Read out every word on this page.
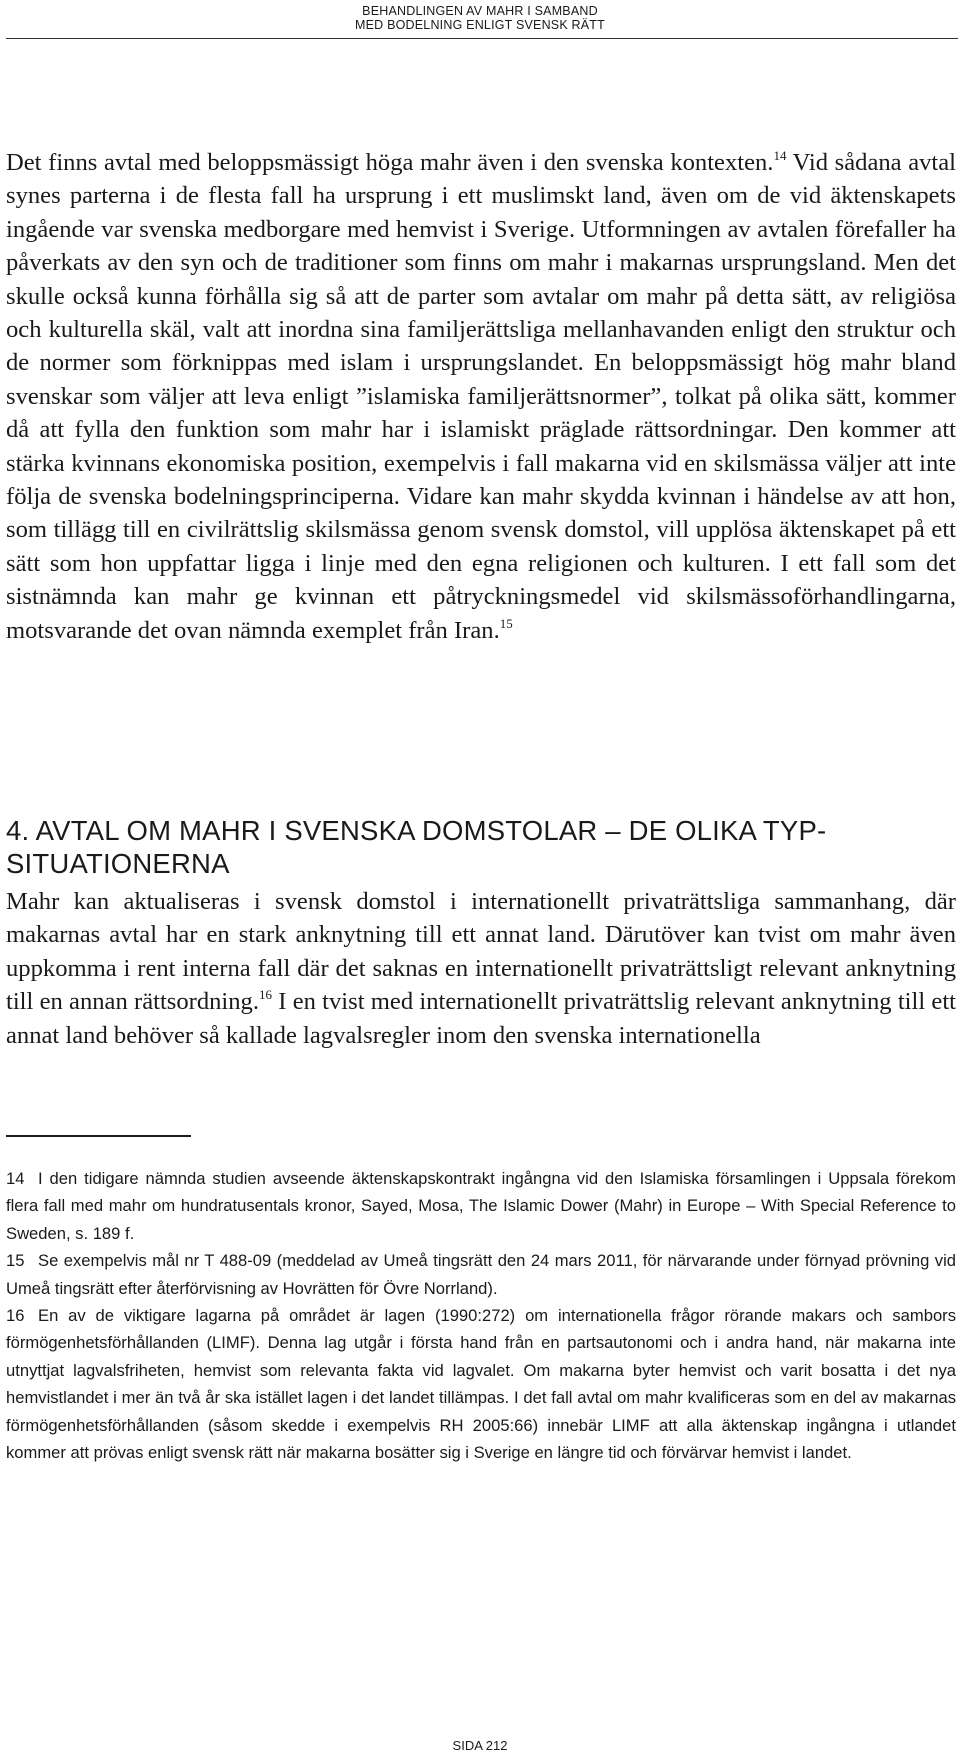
BEHANDLINGEN AV MAHR I SAMBAND
MED BODELNING ENLIGT SVENSK RÄTT

Det finns avtal med beloppsmässigt höga mahr även i den svenska kontexten.$^{14}$ Vid sådana avtal synes parterna i de flesta fall ha ursprung i ett muslimskt land, även om de vid äktenskapets ingående var svenska medborgare med hemvist i Sverige. Utformningen av avtalen förefaller ha påverkats av den syn och de traditioner som finns om mahr i makarnas ursprungsland. Men det skulle också kunna förhålla sig så att de parter som avtalar om mahr på detta sätt, av religiösa och kulturella skäl, valt att inordna sina familjerättsliga mellanhavanden enligt den struktur och de normer som förknippas med islam i ursprungslandet. En beloppsmässigt hög mahr bland svenskar som väljer att leva enligt ”islamiska familjerättsnormer”, tolkat på olika sätt, kommer då att fylla den funktion som mahr har i islamiskt präglade rättsordningar. Den kommer att stärka kvinnans ekonomiska position, exempelvis i fall makarna vid en skilsmässa väljer att inte följa de svenska bodelningsprinciperna. Vidare kan mahr skydda kvinnan i händelse av att hon, som tillägg till en civilrättslig skilsmässa genom svensk domstol, vill upplösa äktenskapet på ett sätt som hon uppfattar ligga i linje med den egna religionen och kulturen. I ett fall som det sistnämnda kan mahr ge kvinnan ett påtryckningsmedel vid skilsmässoförhandlingarna, motsvarande det ovan nämnda exemplet från Iran.$^{15}$

4. AVTAL OM MAHR I SVENSKA DOMSTOLAR – DE OLIKA TYPSITUATIONERNA

Mahr kan aktualiseras i svensk domstol i internationellt privaträttsliga sammanhang, där makarnas avtal har en stark anknytning till ett annat land. Därutöver kan tvist om mahr även uppkomma i rent interna fall där det saknas en internationellt privaträttsligt relevant anknytning till en annan rättsordning.$^{16}$ I en tvist med internationellt privaträttslig relevant anknytning till ett annat land behöver så kallade lagvalsregler inom den svenska internationella

14 I den tidigare nämnda studien avseende äktenskapskontrakt ingångna vid den Islamiska församlingen i Uppsala förekom flera fall med mahr om hundratusentals kronor, Sayed, Mosa, The Islamic Dower (Mahr) in Europe – With Special Reference to Sweden, s. 189 f.

15 Se exempelvis mål nr T 488-09 (meddelad av Umeå tingsrätt den 24 mars 2011, för närvarande under förnyad prövning vid Umeå tingsrätt efter återförvisning av Hovrätten för Övre Norrland).

16 En av de viktigare lagarna på området är lagen (1990:272) om internationella frågor rörande makars och sambors förmögenhetsförhållanden (LIMF). Denna lag utgår i första hand från en partsautonomi och i andra hand, när makarna inte utnyttjat lagvalsfriheten, hemvist som relevanta fakta vid lagvalet. Om makarna byter hemvist och varit bosatta i det nya hemvistlandet i mer än två år ska istället lagen i det landet tillämpas. I det fall avtal om mahr kvalificeras som en del av makarnas förmögenhetsförhållanden (såsom skedde i exempelvis RH 2005:66) innebär LIMF att alla äktenskap ingångna i utlandet kommer att prövas enligt svensk rätt när makarna bosätter sig i Sverige en längre tid och förvärvar hemvist i landet.

SIDA 212
